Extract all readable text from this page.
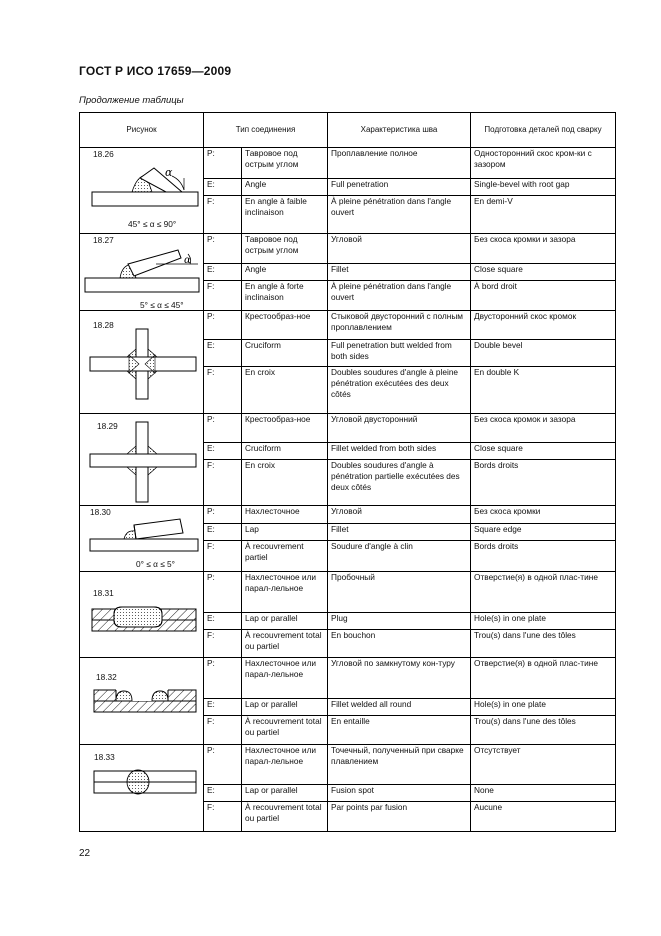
ГОСТ Р ИСО 17659—2009
Продолжение таблицы
Рисунок	Тип соединения		Характеристика шва	Подготовка деталей под сварку

18.26
α
45° ≤ α ≤ 90°	P:	Тавровое под острым углом	Проплавление полное	Односторонний скос кром-ки с зазором
	E:	Angle	Full penetration	Single-bevel with root gap
	F:	En angle à faible inclinaison	À pleine pénétration dans l'angle ouvert	En demi-V

18.27
α
5° ≤ α ≤ 45°	P:	Тавровое под острым углом	Угловой	Без скоса кромки и зазора
	E:	Angle	Fillet	Close square
	F:	En angle à forte inclinaison	À pleine pénétration dans l'angle ouvert	À bord droit

18.28	P:	Крестообраз-ное	Стыковой двусторонний с полным проплавлением	Двусторонний скос кромок
	E:	Cruciform	Full penetration butt welded from both sides	Double bevel
	F:	En croix	Doubles soudures d'angle à pleine pénétration exécutées des deux côtés	En double K

18.29	P:	Крестообраз-ное	Угловой двусторонний	Без скоса кромок и зазора
	E:	Cruciform	Fillet welded from both sides	Close square
	F:	En croix	Doubles soudures d'angle à pénétration partielle exécutées des deux côtés	Bords droits

18.30
0° ≤ α ≤ 5°	P:	Нахлесточное	Угловой	Без скоса кромки
	E:	Lap	Fillet	Square edge
	F:	À recouvrement partiel	Soudure d'angle à clin	Bords droits

18.31	P:	Нахлесточное или парал-лельное	Пробочный	Отверстие(я) в одной плас-тине
	E:	Lap or parallel	Plug	Hole(s) in one plate
	F:	À recouvrement total ou partiel	En bouchon	Trou(s) dans l'une des tôles

18.32	P:	Нахлесточное или парал-лельное	Угловой по замкнутому кон-туру	Отверстие(я) в одной плас-тине
	E:	Lap or parallel	Fillet welded all round	Hole(s) in one plate
	F:	À recouvrement total ou partiel	En entaille	Trou(s) dans l'une des tôles

18.33	P:	Нахлесточное или парал-лельное	Точечный, полученный при сварке плавлением	Отсутствует
	E:	Lap or parallel	Fusion spot	None
	F:	À recouvrement total ou partiel	Par points par fusion	Aucune
22
